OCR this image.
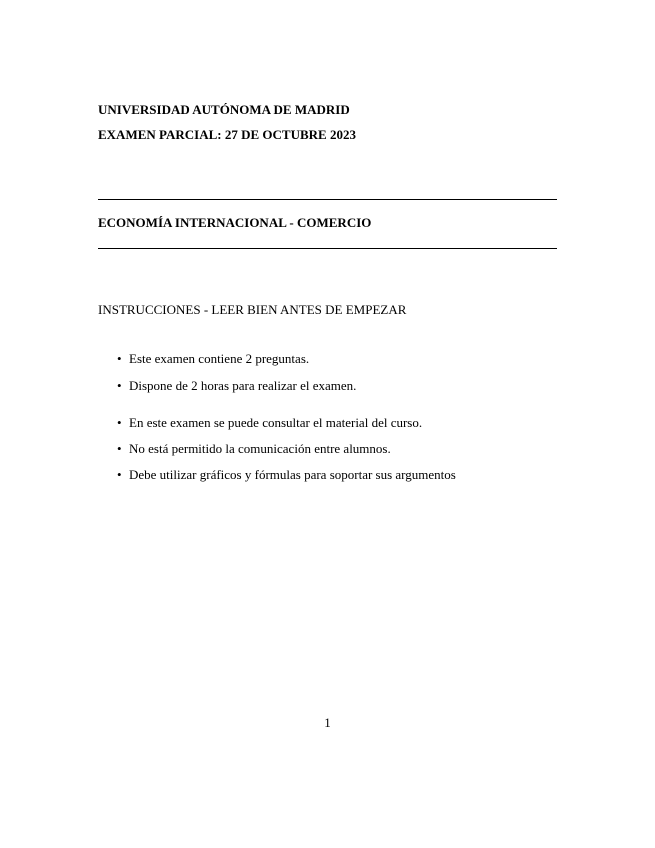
UNIVERSIDAD AUTÓNOMA DE MADRID
EXAMEN PARCIAL: 27 DE OCTUBRE 2023
ECONOMÍA INTERNACIONAL - COMERCIO
INSTRUCCIONES - LEER BIEN ANTES DE EMPEZAR
• Este examen contiene 2 preguntas.
• Dispone de 2 horas para realizar el examen.
• En este examen se puede consultar el material del curso.
• No está permitido la comunicación entre alumnos.
• Debe utilizar gráficos y fórmulas para soportar sus argumentos
1
